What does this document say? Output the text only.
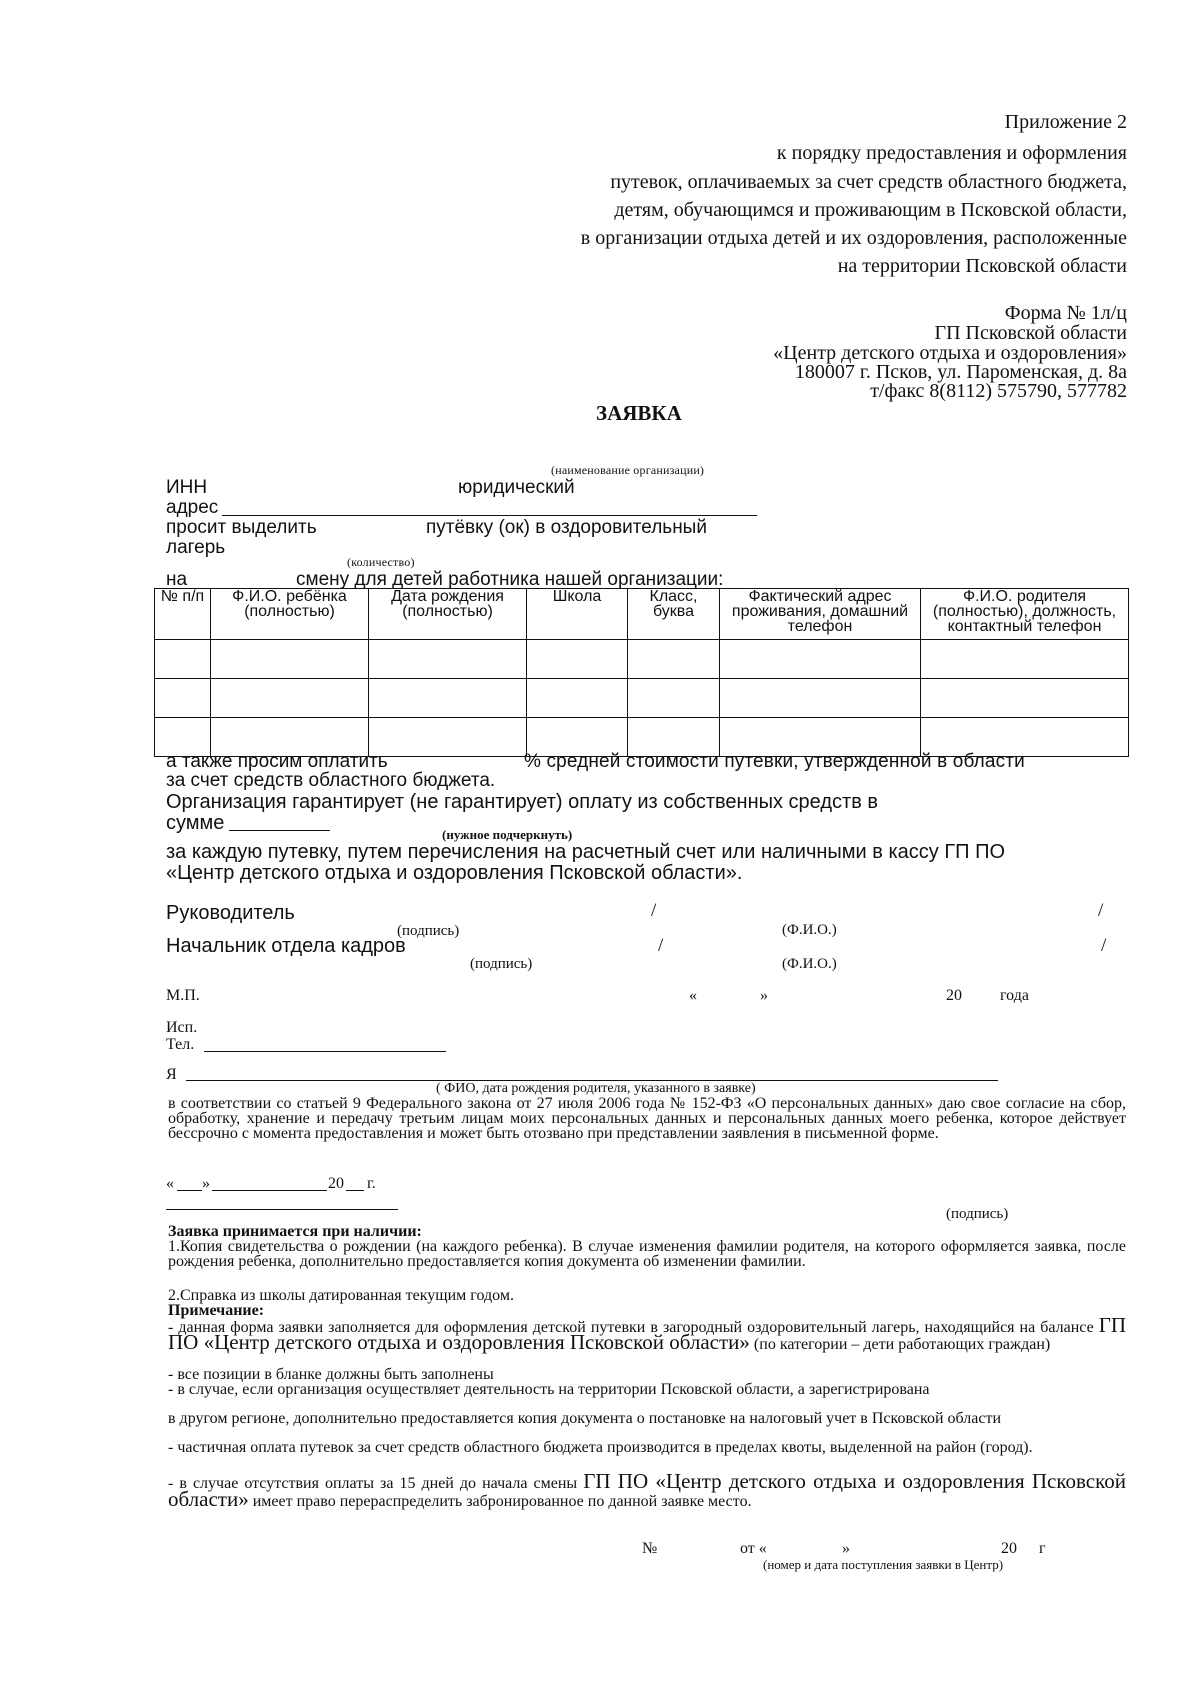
Приложение 2
к порядку предоставления и оформления
путевок, оплачиваемых за счет средств областного бюджета,
детям, обучающимся и проживающим в Псковской области,
в организации отдыха детей и их оздоровления, расположенные
на территории Псковской области
Форма № 1л/ц
ГП Псковской области
«Центр детского отдыха и оздоровления»
180007 г. Псков, ул. Пароменская, д. 8а
т/факс 8(8112) 575790, 577782
ЗАЯВКА
(наименование организации)
ИНН	юридический
адрес
просит выделить	путёвку (ок) в оздоровительный
лагерь
(количество)
на	смену для детей работника нашей организации:
№ п/п	Ф.И.О. ребёнка (полностью)	Дата рождения (полностью)	Школа	Класс, буква	Фактический адрес проживания, домашний телефон	Ф.И.О. родителя (полностью), должность, контактный телефон

а также просим оплатить	% средней стоимости путевки, утвержденной в области
за счет средств областного бюджета.
Организация гарантирует (не гарантирует) оплату из собственных средств в
сумме
(нужное подчеркнуть)
за каждую путевку, путем перечисления на расчетный счет или наличными в кассу ГП ПО
«Центр детского отдыха и оздоровления Псковской области».
Руководитель	/	/
(подпись)	(Ф.И.О.)
Начальник отдела кадров	/	/
(подпись)	(Ф.И.О.)
М.П.	«	»	20 года
Исп.
Тел.
Я
( ФИО, дата рождения родителя, указанного в заявке)
в соответствии со статьей 9 Федерального закона от 27 июля 2006 года № 152-ФЗ «О персональных данных» даю свое согласие на сбор, обработку, хранение и передачу третьим лицам моих персональных данных и персональных данных моего ребенка, которое действует бессрочно с момента предоставления и может быть отозвано при представлении заявления в письменной форме.
« »	20 г.
(подпись)
Заявка принимается при наличии:
1.Копия свидетельства о рождении (на каждого ребенка). В случае изменения фамилии родителя, на которого оформляется заявка, после рождения ребенка, дополнительно предоставляется копия документа об изменении фамилии.
2.Справка из школы датированная текущим годом.
Примечание:
- данная форма заявки заполняется для оформления детской путевки в загородный оздоровительный лагерь, находящийся на балансе ГП ПО «Центр детского отдыха и оздоровления Псковской области» (по категории – дети работающих граждан)
- все позиции в бланке должны быть заполнены
- в случае, если организация осуществляет деятельность на территории Псковской области, а зарегистрирована
в другом регионе, дополнительно предоставляется копия документа о постановке на налоговый учет в Псковской области
- частичная оплата путевок за счет средств областного бюджета производится в пределах квоты, выделенной на район (город).
- в случае отсутствия оплаты за 15 дней до начала смены ГП ПО «Центр детского отдыха и оздоровления Псковской области» имеет право перераспределить забронированное по данной заявке место.
№	от «	»	20 г
(номер и дата поступления заявки в Центр)
